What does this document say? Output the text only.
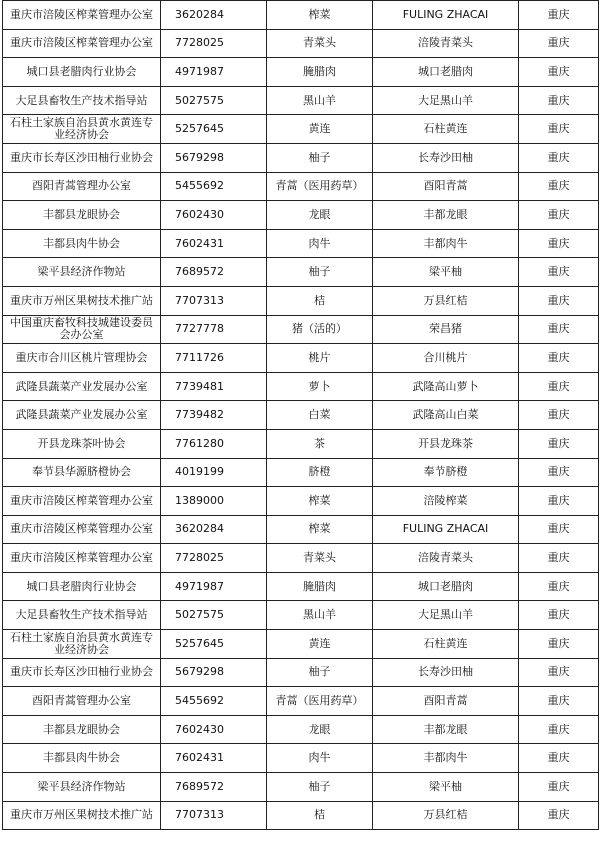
重庆市涪陵区榨菜管理办公室	3620284	榨菜	FULING ZHACAI	重庆
重庆市涪陵区榨菜管理办公室	7728025	青菜头	涪陵青菜头	重庆
城口县老腊肉行业协会	4971987	腌腊肉	城口老腊肉	重庆
大足县畜牧生产技术指导站	5027575	黑山羊	大足黑山羊	重庆
石柱土家族自治县黄水黄连专业经济协会	5257645	黄连	石柱黄连	重庆
重庆市长寿区沙田柚行业协会	5679298	柚子	长寿沙田柚	重庆
酉阳青蒿管理办公室	5455692	青蒿（医用药草）	酉阳青蒿	重庆
丰都县龙眼协会	7602430	龙眼	丰都龙眼	重庆
丰都县肉牛协会	7602431	肉牛	丰都肉牛	重庆
梁平县经济作物站	7689572	柚子	梁平柚	重庆
重庆市万州区果树技术推广站	7707313	桔	万县红桔	重庆
中国重庆畜牧科技城建设委员会办公室	7727778	猪（活的）	荣昌猪	重庆
重庆市合川区桃片管理协会	7711726	桃片	合川桃片	重庆
武隆县蔬菜产业发展办公室	7739481	萝卜	武隆高山萝卜	重庆
武隆县蔬菜产业发展办公室	7739482	白菜	武隆高山白菜	重庆
开县龙珠茶叶协会	7761280	茶	开县龙珠茶	重庆
奉节县华源脐橙协会	4019199	脐橙	奉节脐橙	重庆
重庆市涪陵区榨菜管理办公室	1389000	榨菜	涪陵榨菜	重庆
重庆市涪陵区榨菜管理办公室	3620284	榨菜	FULING ZHACAI	重庆
重庆市涪陵区榨菜管理办公室	7728025	青菜头	涪陵青菜头	重庆
城口县老腊肉行业协会	4971987	腌腊肉	城口老腊肉	重庆
大足县畜牧生产技术指导站	5027575	黑山羊	大足黑山羊	重庆
石柱土家族自治县黄水黄连专业经济协会	5257645	黄连	石柱黄连	重庆
重庆市长寿区沙田柚行业协会	5679298	柚子	长寿沙田柚	重庆
酉阳青蒿管理办公室	5455692	青蒿（医用药草）	酉阳青蒿	重庆
丰都县龙眼协会	7602430	龙眼	丰都龙眼	重庆
丰都县肉牛协会	7602431	肉牛	丰都肉牛	重庆
梁平县经济作物站	7689572	柚子	梁平柚	重庆
重庆市万州区果树技术推广站	7707313	桔	万县红桔	重庆
